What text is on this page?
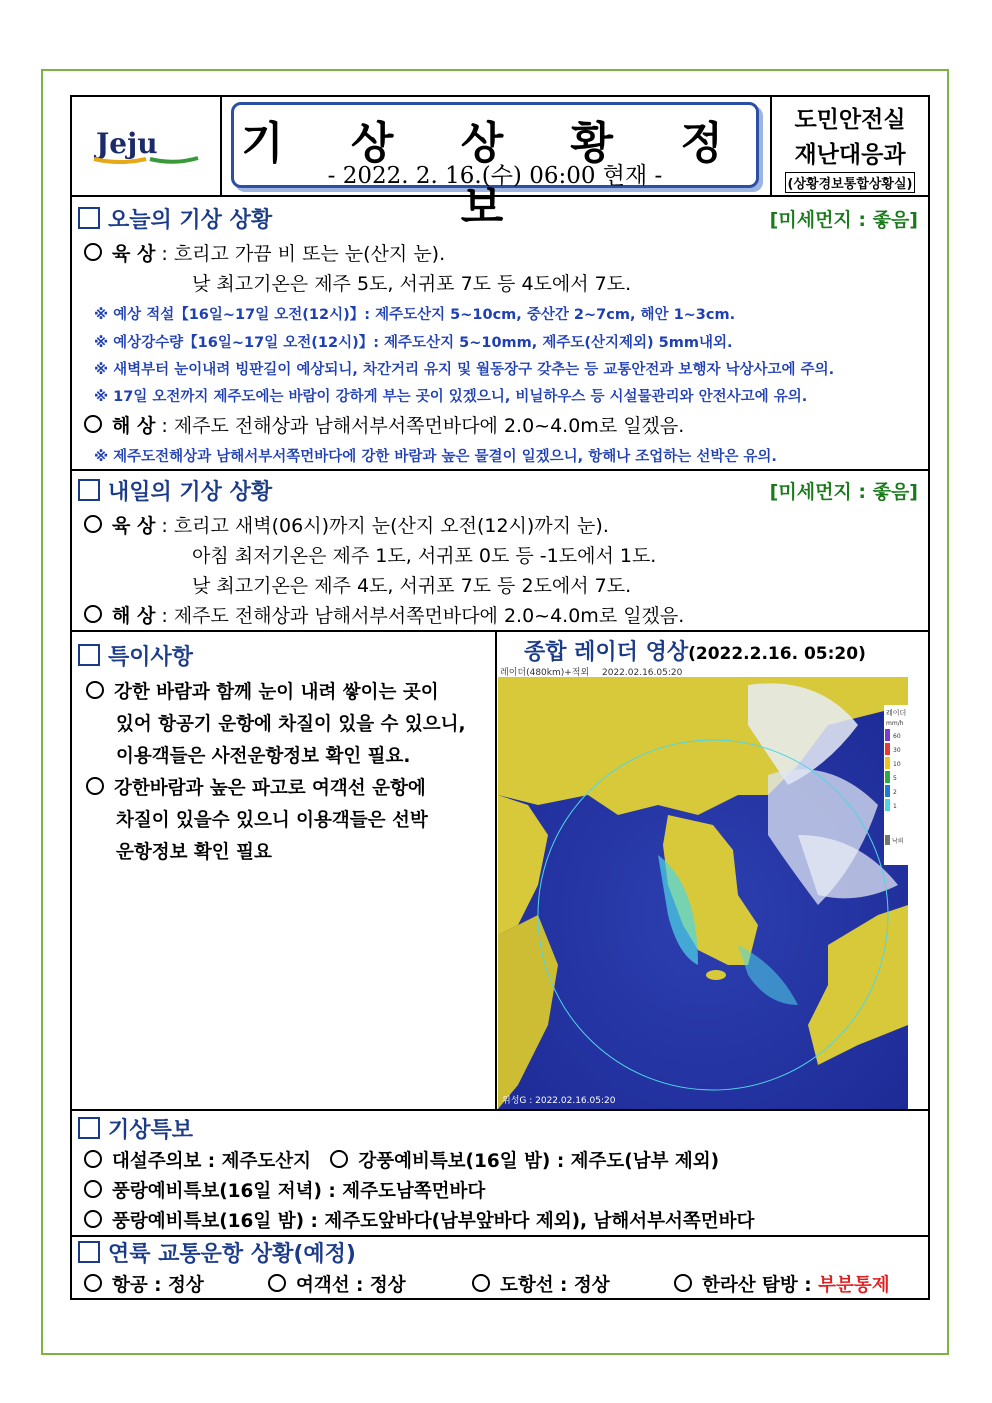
Jeju 기 상 상 황 정 보
- 2022. 2. 16.(수) 06:00 현재 -
도민안전실
재난대응과
(상황경보통합상황실)
오늘의 기상 상황	[미세먼지 : 좋음]
육 상 : 흐리고 가끔 비 또는 눈(산지 눈).
낮 최고기온은 제주 5도, 서귀포 7도 등 4도에서 7도.
※ 예상 적설【16일~17일 오전(12시)】: 제주도산지 5~10cm, 중산간 2~7cm, 해안 1~3cm.
※ 예상강수량【16일~17일 오전(12시)】: 제주도산지 5~10mm, 제주도(산지제외) 5mm내외.
※ 새벽부터 눈이내려 빙판길이 예상되니, 차간거리 유지 및 월동장구 갖추는 등 교통안전과 보행자 낙상사고에 주의.
※ 17일 오전까지 제주도에는 바람이 강하게 부는 곳이 있겠으니, 비닐하우스 등 시설물관리와 안전사고에 유의.
해 상 : 제주도 전해상과 남해서부서쪽먼바다에 2.0~4.0m로 일겠음.
※ 제주도전해상과 남해서부서쪽먼바다에 강한 바람과 높은 물결이 일겠으니, 항해나 조업하는 선박은 유의.
내일의 기상 상황	[미세먼지 : 좋음]
육 상 : 흐리고 새벽(06시)까지 눈(산지 오전(12시)까지 눈).
아침 최저기온은 제주 1도, 서귀포 0도 등 -1도에서 1도.
낮 최고기온은 제주 4도, 서귀포 7도 등 2도에서 7도.
해 상 : 제주도 전해상과 남해서부서쪽먼바다에 2.0~4.0m로 일겠음.
특이사항
강한 바람과 함께 눈이 내려 쌓이는 곳이
있어 항공기 운항에 차질이 있을 수 있으니,
이용객들은 사전운항정보 확인 필요.
강한바람과 높은 파고로 여객선 운항에
차질이 있을수 있으니 이용객들은 선박
운항정보 확인 필요
종합 레이더 영상(2022.2.16. 05:20)
레이더(480km)+적외 2022.02.16.05:20
위성G : 2022.02.16.05:20
레이더
mm/h
60
30
10
5
2
1
낙뢰
기상특보
대설주의보 : 제주도산지	강풍예비특보(16일 밤) : 제주도(남부 제외)
풍랑예비특보(16일 저녁) : 제주도남쪽먼바다
풍랑예비특보(16일 밤) : 제주도앞바다(남부앞바다 제외), 남해서부서쪽먼바다
연륙 교통운항 상황(예정)
항공 : 정상	여객선 : 정상	도항선 : 정상	한라산 탐방 : 부분통제
